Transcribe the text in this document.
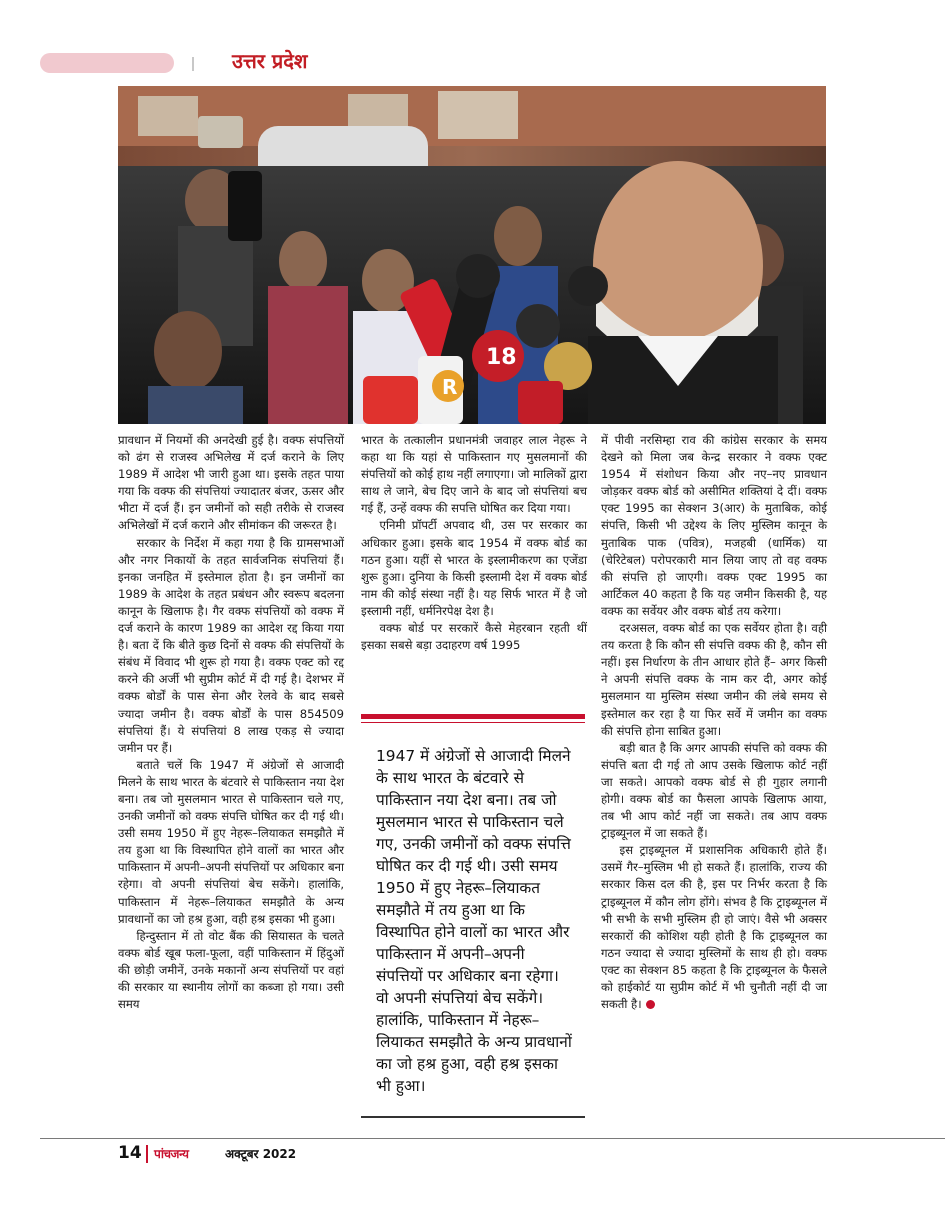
उत्तर प्रदेश
18
R

प्रावधान में नियमों की अनदेखी हुई है। वक्फ संपत्तियों को ढंग से राजस्व अभिलेख में दर्ज कराने के लिए 1989 में आदेश भी जारी हुआ था। इसके तहत पाया गया कि वक्फ की संपत्तियां ज्यादातर बंजर, ऊसर और भीटा में दर्ज हैं। इन जमीनों को सही तरीके से राजस्व अभिलेखों में दर्ज कराने और सीमांकन की जरूरत है।

सरकार के निर्देश में कहा गया है कि ग्रामसभाओं और नगर निकायों के तहत सार्वजनिक संपत्तियां हैं। इनका जनहित में इस्तेमाल होता है। इन जमीनों का 1989 के आदेश के तहत प्रबंधन और स्वरूप बदलना कानून के खिलाफ है। गैर वक्फ संपत्तियों को वक्फ में दर्ज कराने के कारण 1989 का आदेश रद्द किया गया है। बता दें कि बीते कुछ दिनों से वक्फ की संपत्तियों के संबंध में विवाद भी शुरू हो गया है। वक्फ एक्ट को रद्द करने की अर्जी भी सुप्रीम कोर्ट में दी गई है। देशभर में वक्फ बोर्डों के पास सेना और रेलवे के बाद सबसे ज्यादा जमीन है। वक्फ बोर्डों के पास 854509 संपत्तियां हैं। ये संपत्तियां 8 लाख एकड़ से ज्यादा जमीन पर हैं।

बताते चलें कि 1947 में अंग्रेजों से आजादी मिलने के साथ भारत के बंटवारे से पाकिस्तान नया देश बना। तब जो मुसलमान भारत से पाकिस्तान चले गए, उनकी जमीनों को वक्फ संपत्ति घोषित कर दी गई थी। उसी समय 1950 में हुए नेहरू–लियाकत समझौते में तय हुआ था कि विस्थापित होने वालों का भारत और पाकिस्तान में अपनी–अपनी संपत्तियों पर अधिकार बना रहेगा। वो अपनी संपत्तियां बेच सकेंगे। हालांकि, पाकिस्तान में नेहरू–लियाकत समझौते के अन्य प्रावधानों का जो हश्र हुआ, वही हश्र इसका भी हुआ।

हिन्दुस्तान में तो वोट बैंक की सियासत के चलते वक्फ बोर्ड खूब फला-फूला, वहीं पाकिस्तान में हिंदुओं की छोड़ी जमीनें, उनके मकानों अन्य संपत्तियों पर वहां की सरकार या स्थानीय लोगों का कब्जा हो गया। उसी समय

भारत के तत्कालीन प्रधानमंत्री जवाहर लाल नेहरू ने कहा था कि यहां से पाकिस्तान गए मुसलमानों की संपत्तियों को कोई हाथ नहीं लगाएगा। जो मालिकों द्वारा साथ ले जाने, बेच दिए जाने के बाद जो संपत्तियां बच गई हैं, उन्हें वक्फ की सपत्ति घोषित कर दिया गया।

एनिमी प्रॉपर्टी अपवाद थी, उस पर सरकार का अधिकार हुआ। इसके बाद 1954 में वक्फ बोर्ड का गठन हुआ। यहीं से भारत के इस्लामीकरण का एजेंडा शुरू हुआ। दुनिया के किसी इस्लामी देश में वक्फ बोर्ड नाम की कोई संस्था नहीं है। यह सिर्फ भारत में है जो इस्लामी नहीं, धर्मनिरपेक्ष देश है।

वक्फ बोर्ड पर सरकारें कैसे मेहरबान रहती थीं इसका सबसे बड़ा उदाहरण वर्ष 1995

1947 में अंग्रेजों से आजादी मिलने के साथ भारत के बंटवारे से पाकिस्तान नया देश बना। तब जो मुसलमान भारत से पाकिस्तान चले गए, उनकी जमीनों को वक्फ संपत्ति घोषित कर दी गई थी। उसी समय 1950 में हुए नेहरू–लियाकत समझौते में तय हुआ था कि विस्थापित होने वालों का भारत और पाकिस्तान में अपनी–अपनी संपत्तियों पर अधिकार बना रहेगा। वो अपनी संपत्तियां बेच सकेंगे। हालांकि, पाकिस्तान में नेहरू–लियाकत समझौते के अन्य प्रावधानों का जो हश्र हुआ, वही हश्र इसका भी हुआ।

में पीवी नरसिम्हा राव की कांग्रेस सरकार के समय देखने को मिला जब केन्द्र सरकार ने वक्फ एक्ट 1954 में संशोधन किया और नए–नए प्रावधान जोड़कर वक्फ बोर्ड को असीमित शक्तियां दे दीं। वक्फ एक्ट 1995 का सेक्शन 3(आर) के मुताबिक, कोई संपत्ति, किसी भी उद्देश्य के लिए मुस्लिम कानून के मुताबिक पाक (पवित्र), मजहबी (धार्मिक) या (चेरिटेबल) परोपरकारी मान लिया जाए तो वह वक्फ की संपत्ति हो जाएगी। वक्फ एक्ट 1995 का आर्टिकल 40 कहता है कि यह जमीन किसकी है, यह वक्फ का सर्वेयर और वक्फ बोर्ड तय करेगा।

दरअसल, वक्फ बोर्ड का एक सर्वेयर होता है। वही तय करता है कि कौन सी संपत्ति वक्फ की है, कौन सी नहीं। इस निर्धारण के तीन आधार होते हैं– अगर किसी ने अपनी संपत्ति वक्फ के नाम कर दी, अगर कोई मुसलमान या मुस्लिम संस्था जमीन की लंबे समय से इस्तेमाल कर रहा है या फिर सर्वे में जमीन का वक्फ की संपत्ति होना साबित हुआ।

बड़ी बात है कि अगर आपकी संपत्ति को वक्फ की संपत्ति बता दी गई तो आप उसके खिलाफ कोर्ट नहीं जा सकते। आपको वक्फ बोर्ड से ही गुहार लगानी होगी। वक्फ बोर्ड का फैसला आपके खिलाफ आया, तब भी आप कोर्ट नहीं जा सकते। तब आप वक्फ ट्राइब्यूनल में जा सकते हैं।

इस ट्राइब्यूनल में प्रशासनिक अधिकारी होते हैं। उसमें गैर–मुस्लिम भी हो सकते हैं। हालांकि, राज्य की सरकार किस दल की है, इस पर निर्भर करता है कि ट्राइब्यूनल में कौन लोग होंगे। संभव है कि ट्राइब्यूनल में भी सभी के सभी मुस्लिम ही हो जाएं। वैसे भी अक्सर सरकारों की कोशिश यही होती है कि ट्राइब्यूनल का गठन ज्यादा से ज्यादा मुस्लिमों के साथ ही हो। वक्फ एक्ट का सेक्शन 85 कहता है कि ट्राइब्यूनल के फैसले को हाईकोर्ट या सुप्रीम कोर्ट में भी चुनौती नहीं दी जा सकती है।

14 पांचजन्य	अक्टूबर 2022
